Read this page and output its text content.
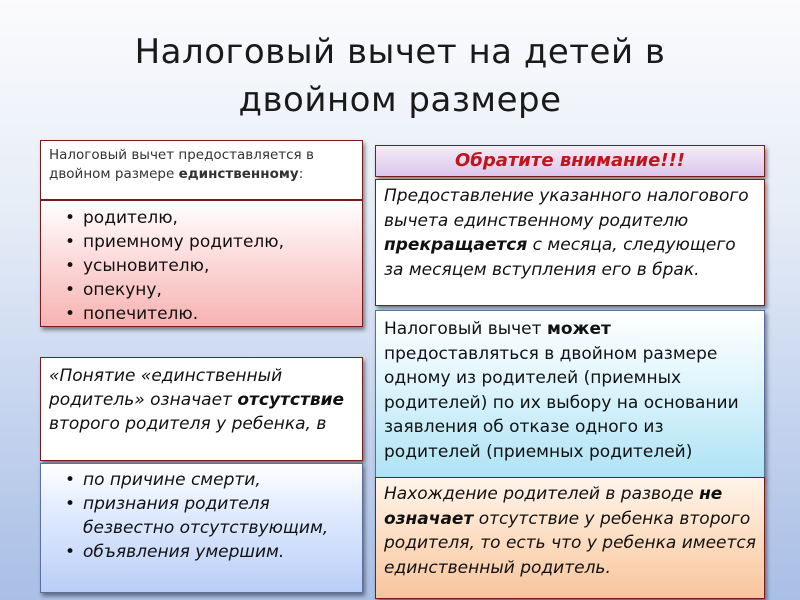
Налоговый вычет на детей в
двойном размере
Налоговый вычет предоставляется в двойном размере единственному:
• родителю,
• приемному родителю,
• усыновителю,
• опекуну,
• попечителю.
«Понятие «единственный родитель» означает отсутствие второго родителя у ребенка, в
• по причине смерти,
• признания родителя безвестно отсутствующим,
• объявления умершим.
Обратите внимание!!!
Предоставление указанного налогового вычета единственному родителю прекращается с месяца, следующего за месяцем вступления его в брак.
Налоговый вычет может предоставляться в двойном размере одному из родителей (приемных родителей) по их выбору на основании заявления об отказе одного из родителей (приемных родителей)
Нахождение родителей в разводе не означает отсутствие у ребенка второго родителя, то есть что у ребенка имеется единственный родитель.
